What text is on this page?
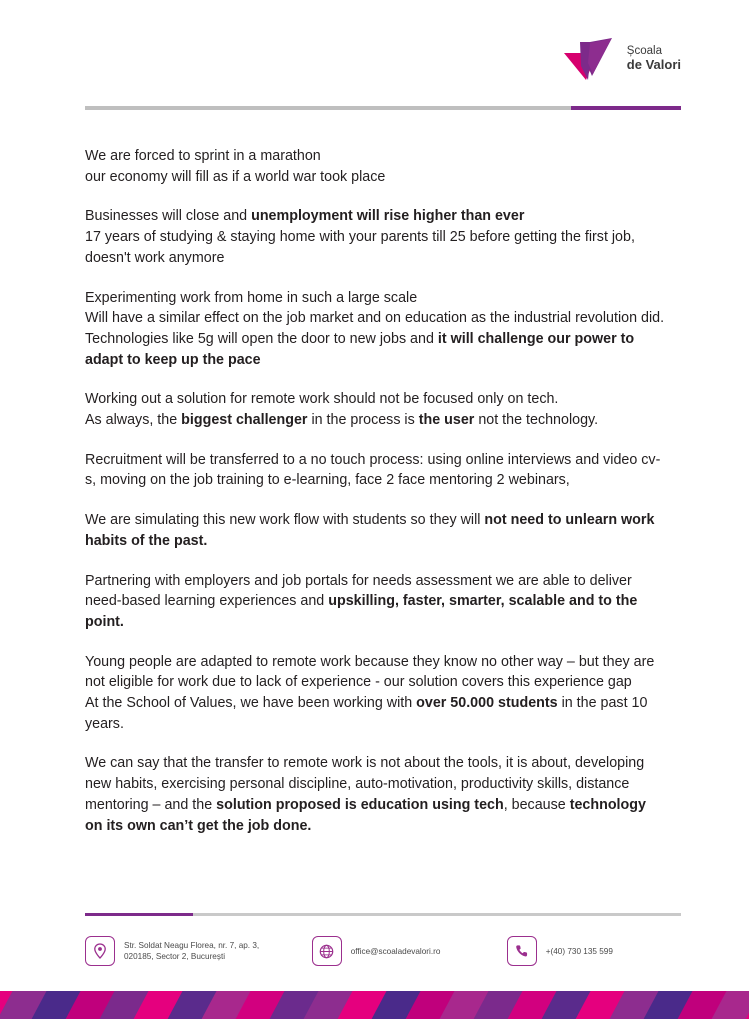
Școala
de Valori
We are forced to sprint in a marathon
our economy will fill as if a world war took place
Businesses will close and unemployment will rise higher than ever
17 years of studying & staying home with your parents till 25 before getting the first job, doesn't work anymore
Experimenting work from home in such a large scale
Will have a similar effect on the job market and on education as the industrial revolution did.
Technologies like 5g will open the door to new jobs and it will challenge our power to adapt to keep up the pace
Working out a solution for remote work should not be focused only on tech.
As always, the biggest challenger in the process is the user not the technology.
Recruitment will be transferred to a no touch process: using online interviews and video cv-s, moving on the job training to e-learning, face 2 face mentoring 2 webinars,
We are simulating this new work flow with students so they will not need to unlearn work habits of the past.
Partnering with employers and job portals for needs assessment we are able to deliver need-based learning experiences and upskilling, faster, smarter, scalable and to the point.
Young people are adapted to remote work because they know no other way – but they are not eligible for work due to lack of experience - our solution covers this experience gap
At the School of Values, we have been working with over 50.000 students in the past 10 years.
We can say that the transfer to remote work is not about the tools, it is about, developing new habits, exercising personal discipline, auto-motivation, productivity skills, distance mentoring – and the solution proposed is education using tech, because technology on its own can’t get the job done.
Str. Soldat Neagu Florea, nr. 7, ap. 3,
020185, Sector 2, București
office@scoaladevalori.ro	+(40) 730 135 599
